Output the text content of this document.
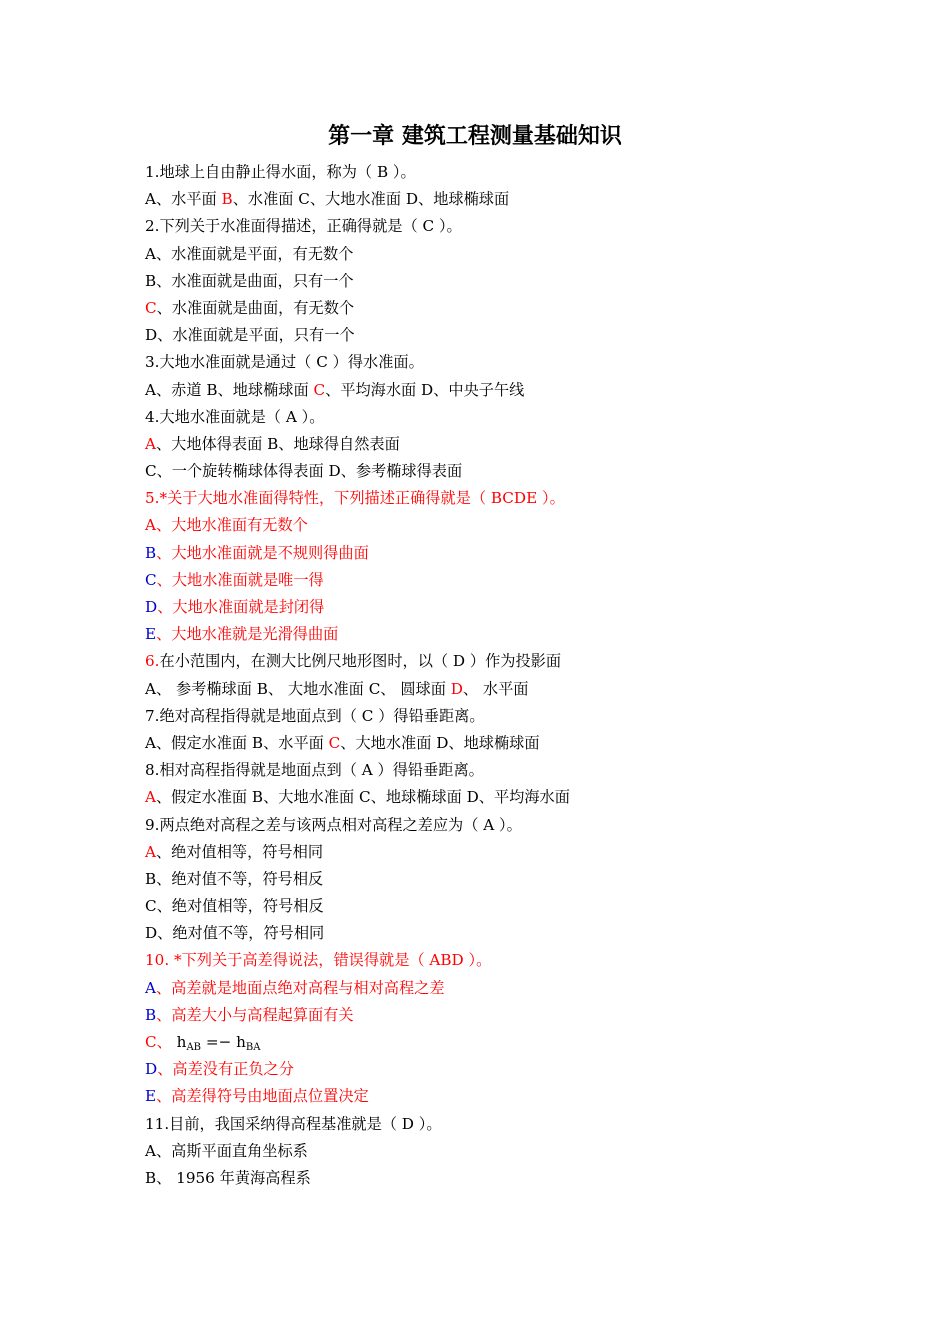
第一章 建筑工程测量基础知识
1.地球上自由静止得水面，称为（ B ）。
A、水平面 B、水准面 C、大地水准面 D、地球椭球面
2.下列关于水准面得描述，正确得就是（ C ）。
A、水准面就是平面，有无数个
B、水准面就是曲面，只有一个
C、水准面就是曲面，有无数个
D、水准面就是平面，只有一个
3.大地水准面就是通过（ C ）得水准面。
A、赤道 B、地球椭球面 C、平均海水面 D、中央子午线
4.大地水准面就是（ A ）。
A、大地体得表面 B、地球得自然表面
C、一个旋转椭球体得表面 D、参考椭球得表面
5.*关于大地水准面得特性，下列描述正确得就是（ BCDE ）。
A、大地水准面有无数个
B、大地水准面就是不规则得曲面
C、大地水准面就是唯一得
D、大地水准面就是封闭得
E、大地水准就是光滑得曲面
6.在小范围内，在测大比例尺地形图时，以（ D ）作为投影面
A、 参考椭球面 B、 大地水准面 C、 圆球面 D、 水平面
7.绝对高程指得就是地面点到（ C ）得铅垂距离。
A、假定水准面 B、水平面 C、大地水准面 D、地球椭球面
8.相对高程指得就是地面点到（ A ）得铅垂距离。
A、假定水准面 B、大地水准面 C、地球椭球面 D、平均海水面
9.两点绝对高程之差与该两点相对高程之差应为（ A ）。
A、绝对值相等，符号相同
B、绝对值不等，符号相反
C、绝对值相等，符号相反
D、绝对值不等，符号相同
10. *下列关于高差得说法，错误得就是（ ABD ）。
A、高差就是地面点绝对高程与相对高程之差
B、高差大小与高程起算面有关
C、 $h_{AB} =- h_{BA}$
D、高差没有正负之分
E、高差得符号由地面点位置决定
11.目前，我国采纳得高程基准就是（ D ）。
A、高斯平面直角坐标系
B、 1956 年黄海高程系
